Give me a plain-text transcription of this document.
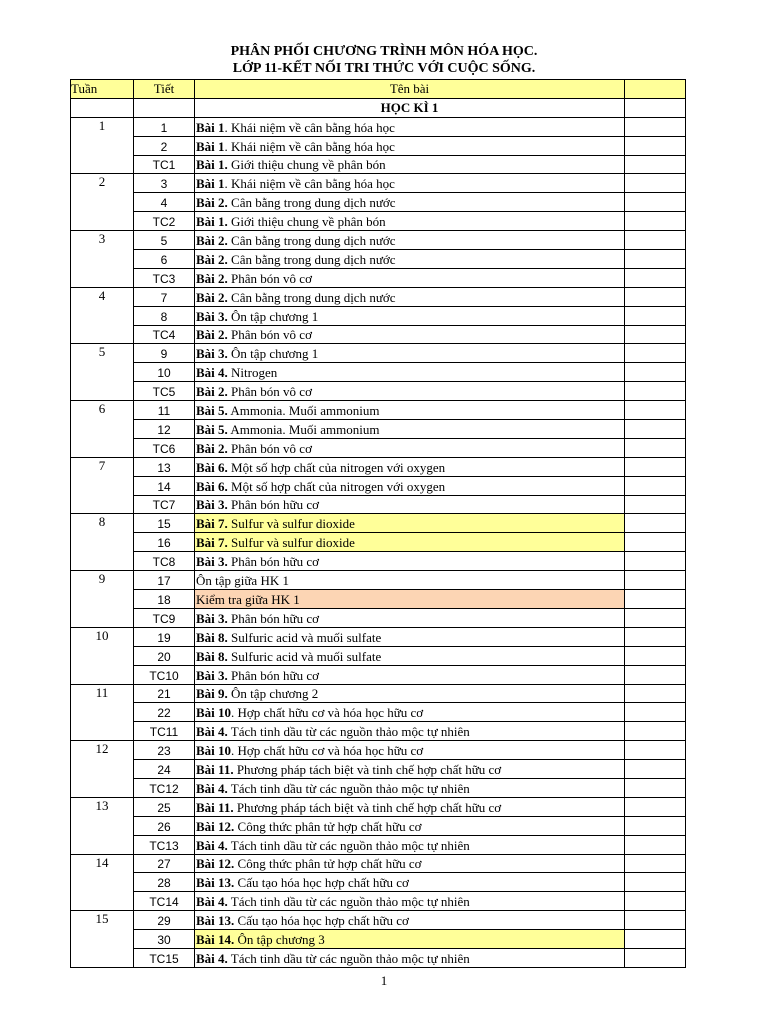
PHÂN PHỐI CHƯƠNG TRÌNH MÔN HÓA HỌC.
LỚP 11-KẾT NỐI TRI THỨC VỚI CUỘC SỐNG.
Tuần	Tiết	Tên bài	
		HỌC KÌ 1	
1	1	Bài 1. Khái niệm về cân bằng hóa học	
	2	Bài 1. Khái niệm về cân bằng hóa học	
	TC1	Bài 1. Giới thiệu chung về phân bón	
2	3	Bài 1. Khái niệm về cân bằng hóa học	
	4	Bài 2. Cân bằng trong dung dịch nước	
	TC2	Bài 1. Giới thiệu chung về phân bón	
3	5	Bài 2. Cân bằng trong dung dịch nước	
	6	Bài 2. Cân bằng trong dung dịch nước	
	TC3	Bài 2. Phân bón vô cơ	
4	7	Bài 2. Cân bằng trong dung dịch nước	
	8	Bài 3. Ôn tập chương 1	
	TC4	Bài 2. Phân bón vô cơ	
5	9	Bài 3. Ôn tập chương 1	
	10	Bài 4. Nitrogen	
	TC5	Bài 2. Phân bón vô cơ	
6	11	Bài 5. Ammonia. Muối ammonium	
	12	Bài 5. Ammonia. Muối ammonium	
	TC6	Bài 2. Phân bón vô cơ	
7	13	Bài 6. Một số hợp chất của nitrogen với oxygen	
	14	Bài 6. Một số hợp chất của nitrogen với oxygen	
	TC7	Bài 3. Phân bón hữu cơ	
8	15	Bài 7. Sulfur và sulfur dioxide	
	16	Bài 7. Sulfur và sulfur dioxide	
	TC8	Bài 3. Phân bón hữu cơ	
9	17	Ôn tập giữa HK 1	
	18	Kiểm tra giữa HK 1	
	TC9	Bài 3. Phân bón hữu cơ	
10	19	Bài 8. Sulfuric acid và muối sulfate	
	20	Bài 8. Sulfuric acid và muối sulfate	
	TC10	Bài 3. Phân bón hữu cơ	
11	21	Bài 9. Ôn tập chương 2	
	22	Bài 10. Hợp chất hữu cơ và hóa học hữu cơ	
	TC11	Bài 4. Tách tinh dầu từ các nguồn thảo mộc tự nhiên	
12	23	Bài 10. Hợp chất hữu cơ và hóa học hữu cơ	
	24	Bài 11. Phương pháp tách biệt và tinh chế hợp chất hữu cơ	
	TC12	Bài 4. Tách tinh dầu từ các nguồn thảo mộc tự nhiên	
13	25	Bài 11. Phương pháp tách biệt và tinh chế hợp chất hữu cơ	
	26	Bài 12. Công thức phân tử hợp chất hữu cơ	
	TC13	Bài 4. Tách tinh dầu từ các nguồn thảo mộc tự nhiên	
14	27	Bài 12. Công thức phân tử hợp chất hữu cơ	
	28	Bài 13. Cấu tạo hóa học hợp chất hữu cơ	
	TC14	Bài 4. Tách tinh dầu từ các nguồn thảo mộc tự nhiên	
15	29	Bài 13. Cấu tạo hóa học hợp chất hữu cơ	
	30	Bài 14. Ôn tập chương 3	
	TC15	Bài 4. Tách tinh dầu từ các nguồn thảo mộc tự nhiên	
1
